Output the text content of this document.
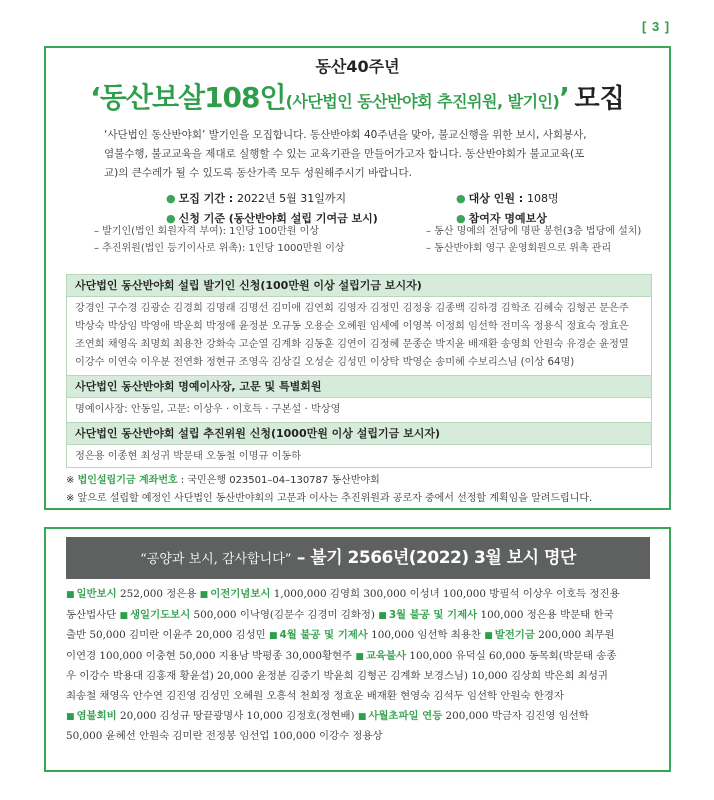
[ 3 ]
동산40주년
‘동산보살108인(사단법인 동산반야회 추진위원, 발기인)’ 모집
‘사단법인 동산반야회’ 발기인을 모집합니다. 동산반야회 40주년을 맞아, 불교신행을 위한 보시, 사회봉사,
염불수행, 불교교육을 제대로 실행할 수 있는 교육기관을 만들어가고자 합니다. 동산반야회가 불교교육(포
교)의 큰수레가 될 수 있도록 동산가족 모두 성원해주시기 바랍니다.
● 모집 기간 : 2022년 5월 31일까지	● 대상 인원 : 108명
● 신청 기준 (동산반야회 설립 기여금 보시)	● 참여자 명예보상
– 발기인(법인 회원자격 부여): 1인당 100만원 이상	– 동산 명예의 전당에 명판 봉헌(3층 법당에 설치)
– 추진위원(법인 등기이사로 위촉): 1인당 1000만원 이상	– 동산반야회 영구 운영회원으로 위촉 관리
사단법인 동산반야회 설립 발기인 신청(100만원 이상 설립기금 보시자)
강경인 구수경 김광순 김경희 김명래 김명선 김미애 김연희 김영자 김정민 김정웅 김종백 김하경 김학조 김혜숙 김형곤 문은주
박상숙 박상임 박영애 박운희 박정애 윤정분 오규동 오용순 오혜원 임세예 이영복 이정희 임선학 전미옥 정용식 정효숙 정효은
조연희 채영옥 최명희 최용찬 강화숙 고순열 김계화 김동훈 김연이 김정혜 문종순 박지윤 배재환 송영희 안원숙 유경순 윤정열
이강수 이연숙 이우분 전연화 정현규 조영옥 김상길 오성순 김성민 이상탁 박영순 송미혜 수보리스님 (이상 64명)
사단법인 동산반야회 명예이사장, 고문 및 특별회원
명예이사장: 안동일, 고문: 이상우 · 이호득 · 구본설 · 박상영
사단법인 동산반야회 설립 추진위원 신청(1000만원 이상 설립기금 보시자)
정은용 이종현 최성귀 박문태 오동철 이명규 이동하
※ 법인설립기금 계좌번호 : 국민은행 023501–04–130787 동산반야회
※ 앞으로 설립할 예정인 사단법인 동산반야회의 고문과 이사는 추진위원과 공로자 중에서 선정할 계획임을 알려드립니다.
“공양과 보시, 감사합니다” – 불기 2566년(2022) 3월 보시 명단
■ 일반보시 252,000 정은용 ■ 이전기념보시 1,000,000 김영희 300,000 이성녀 100,000 방필석 이상우 이호득 정진용
동산법사단 ■ 생일기도보시 500,000 이낙영(김문수 김경미 김화정) ■ 3월 불공 및 기제사 100,000 정은용 박문태 한국
출반 50,000 김미란 이윤주 20,000 김성민 ■ 4월 불공 및 기제사 100,000 임선학 최용찬 ■ 발전기금 200,000 최무원
이연경 100,000 이충현 50,000 지용남 박평종 30,000황현주 ■ 교육불사 100,000 유덕실 60,000 동목회(박문태 송종
우 이강수 박용대 김홍재 황윤섭) 20,000 윤정분 김중기 박윤희 김형곤 김계화 보경스님) 10,000 김상희 박은희 최성귀
최송철 채영옥 안수연 김진영 김성민 오혜원 오흥석 천희정 정효운 배재환 현영숙 김석두 임선학 안원숙 한경자
■ 염불회비 20,000 김성규 땅끝광명사 10,000 김정호(정현배) ■ 사월초파일 연등 200,000 박금자 김진영 임선학
50,000 윤혜선 안원숙 김미란 전정봉 임선업 100,000 이강수 정용상
